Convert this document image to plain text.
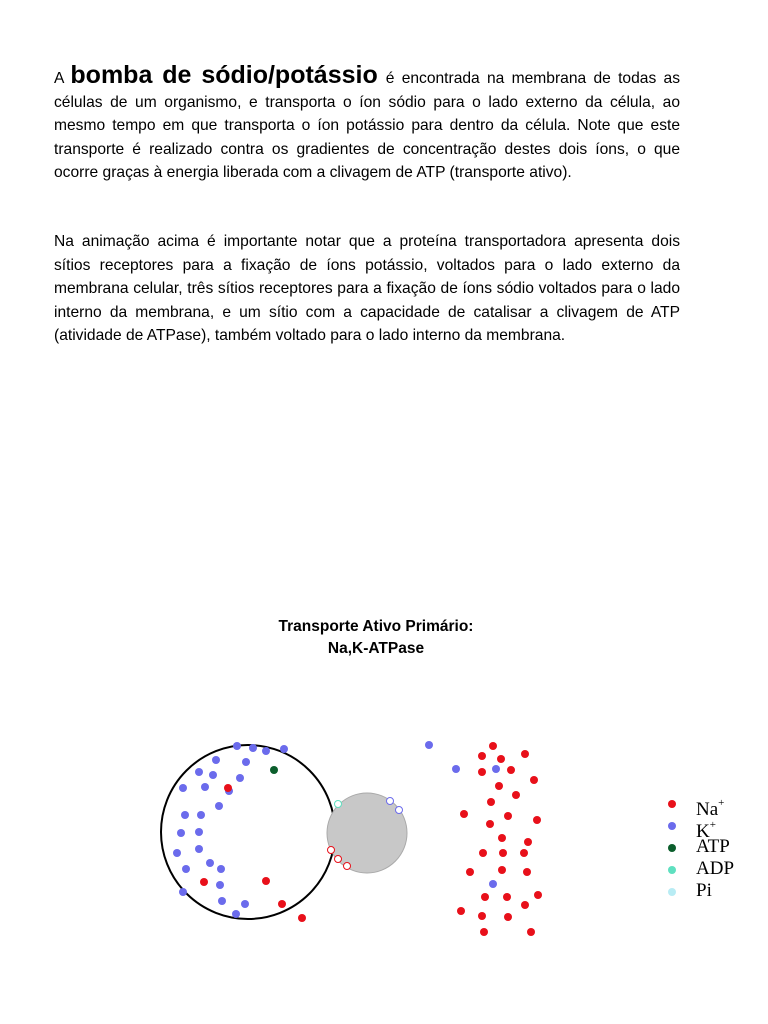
A bomba de sódio/potássio é encontrada na membrana de todas as células de um organismo, e transporta o íon sódio para o lado externo da célula, ao mesmo tempo em que transporta o íon potássio para dentro da célula. Note que este transporte é realizado contra os gradientes de concentração destes dois íons, o que ocorre graças à energia liberada com a clivagem de ATP (transporte ativo).

Na animação acima é importante notar que a proteína transportadora apresenta dois sítios receptores para a fixação de íons potássio, voltados para o lado externo da membrana celular, três sítios receptores para a fixação de íons sódio voltados para o lado interno da membrana, e um sítio com a capacidade de catalisar a clivagem de ATP (atividade de ATPase), também voltado para o lado interno da membrana.

Transporte Ativo Primário:
Na,K-ATPase
Na+
K+
ATP
ADP
Pi
